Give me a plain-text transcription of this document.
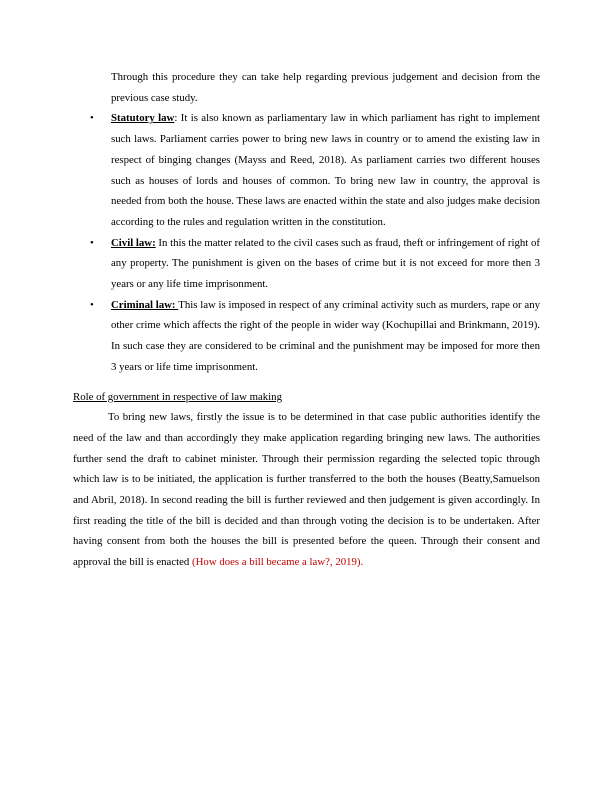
Through this procedure they can take help regarding previous judgement and decision from the previous case study.

• Statutory law: It is also known as parliamentary law in which parliament has right to implement such laws. Parliament carries power to bring new laws in country or to amend the existing law in respect of binging changes (Mayss and Reed, 2018). As parliament carries two different houses such as houses of lords and houses of common. To bring new law in country, the approval is needed from both the house. These laws are enacted within the state and also judges make decision according to the rules and regulation written in the constitution.
• Civil law: In this the matter related to the civil cases such as fraud, theft or infringement of right of any property. The punishment is given on the bases of crime but it is not exceed for more then 3 years or any life time imprisonment.
• Criminal law: This law is imposed in respect of any criminal activity such as murders, rape or any other crime which affects the right of the people in wider way (Kochupillai and Brinkmann, 2019). In such case they are considered to be criminal and the punishment may be imposed for more then 3 years or life time imprisonment.

Role of government in respective of law making

To bring new laws, firstly the issue is to be determined in that case public authorities identify the need of the law and than accordingly they make application regarding bringing new laws. The authorities further send the draft to cabinet minister. Through their permission regarding the selected topic through which law is to be initiated, the application is further transferred to the both the houses (Beatty,Samuelson and Abril, 2018). In second reading the bill is further reviewed and then judgement is given accordingly. In first reading the title of the bill is decided and than through voting the decision is to be undertaken. After having consent from both the houses the bill is presented before the queen. Through their consent and approval the bill is enacted (How does a bill became a law?, 2019).
